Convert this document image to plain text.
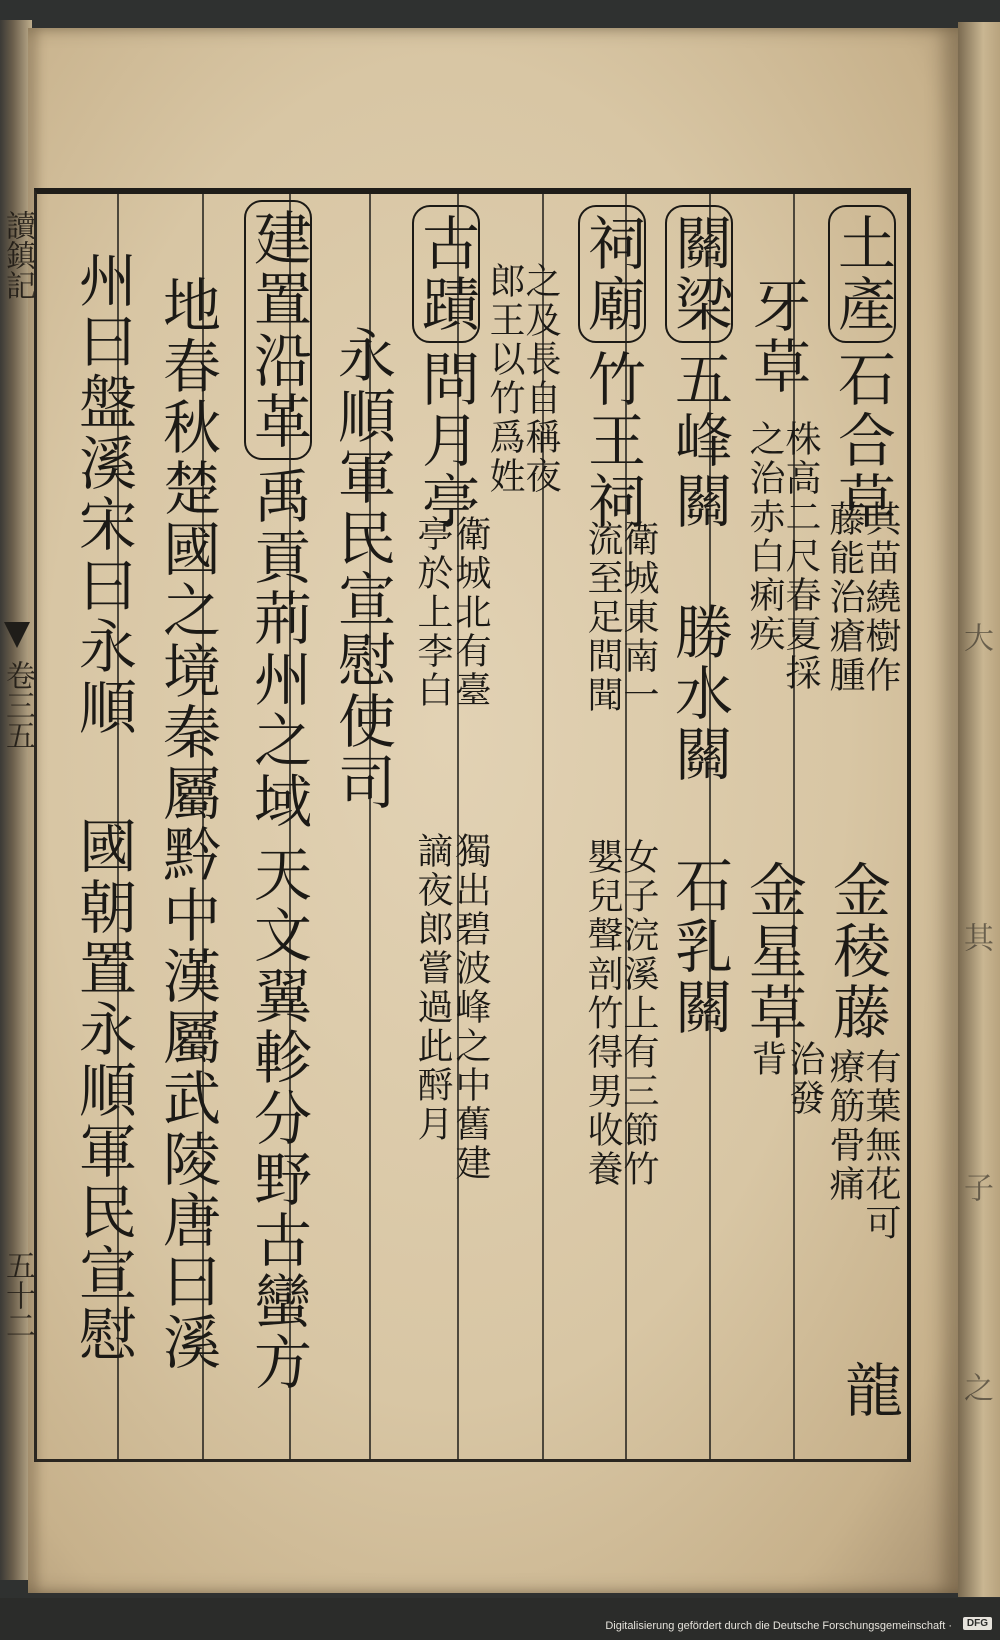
大
其
子
之
讀鎮記
卷三五
五十二
土產石合草
其苗繞樹作
藤能治瘡腫
金稜藤
有葉無花可
療筋骨痛
龍
牙草
株高二尺春夏採
之治赤白痢疾
金星草
治發
背
關梁五峰關勝水關石乳關
祠廟竹王祠
衛城東南一
流至足間聞
女子浣溪上有三節竹
嬰兒聲剖竹得男收養
之及長自稱夜
郎王以竹爲姓
古蹟問月亭
衛城北有臺
亭於上李白
獨出碧波峰之中舊建
謫夜郎嘗過此酹月
永順軍民宣慰使司
建置沿革禹貢荊州之域天文翼軫分野古蠻方
地春秋楚國之境秦屬黔中漢屬武陵唐曰溪
州曰盤溪宋曰永順國朝置永順軍民宣慰
Digitalisierung gefördert durch die Deutsche Forschungsgemeinschaft ·	DFG
